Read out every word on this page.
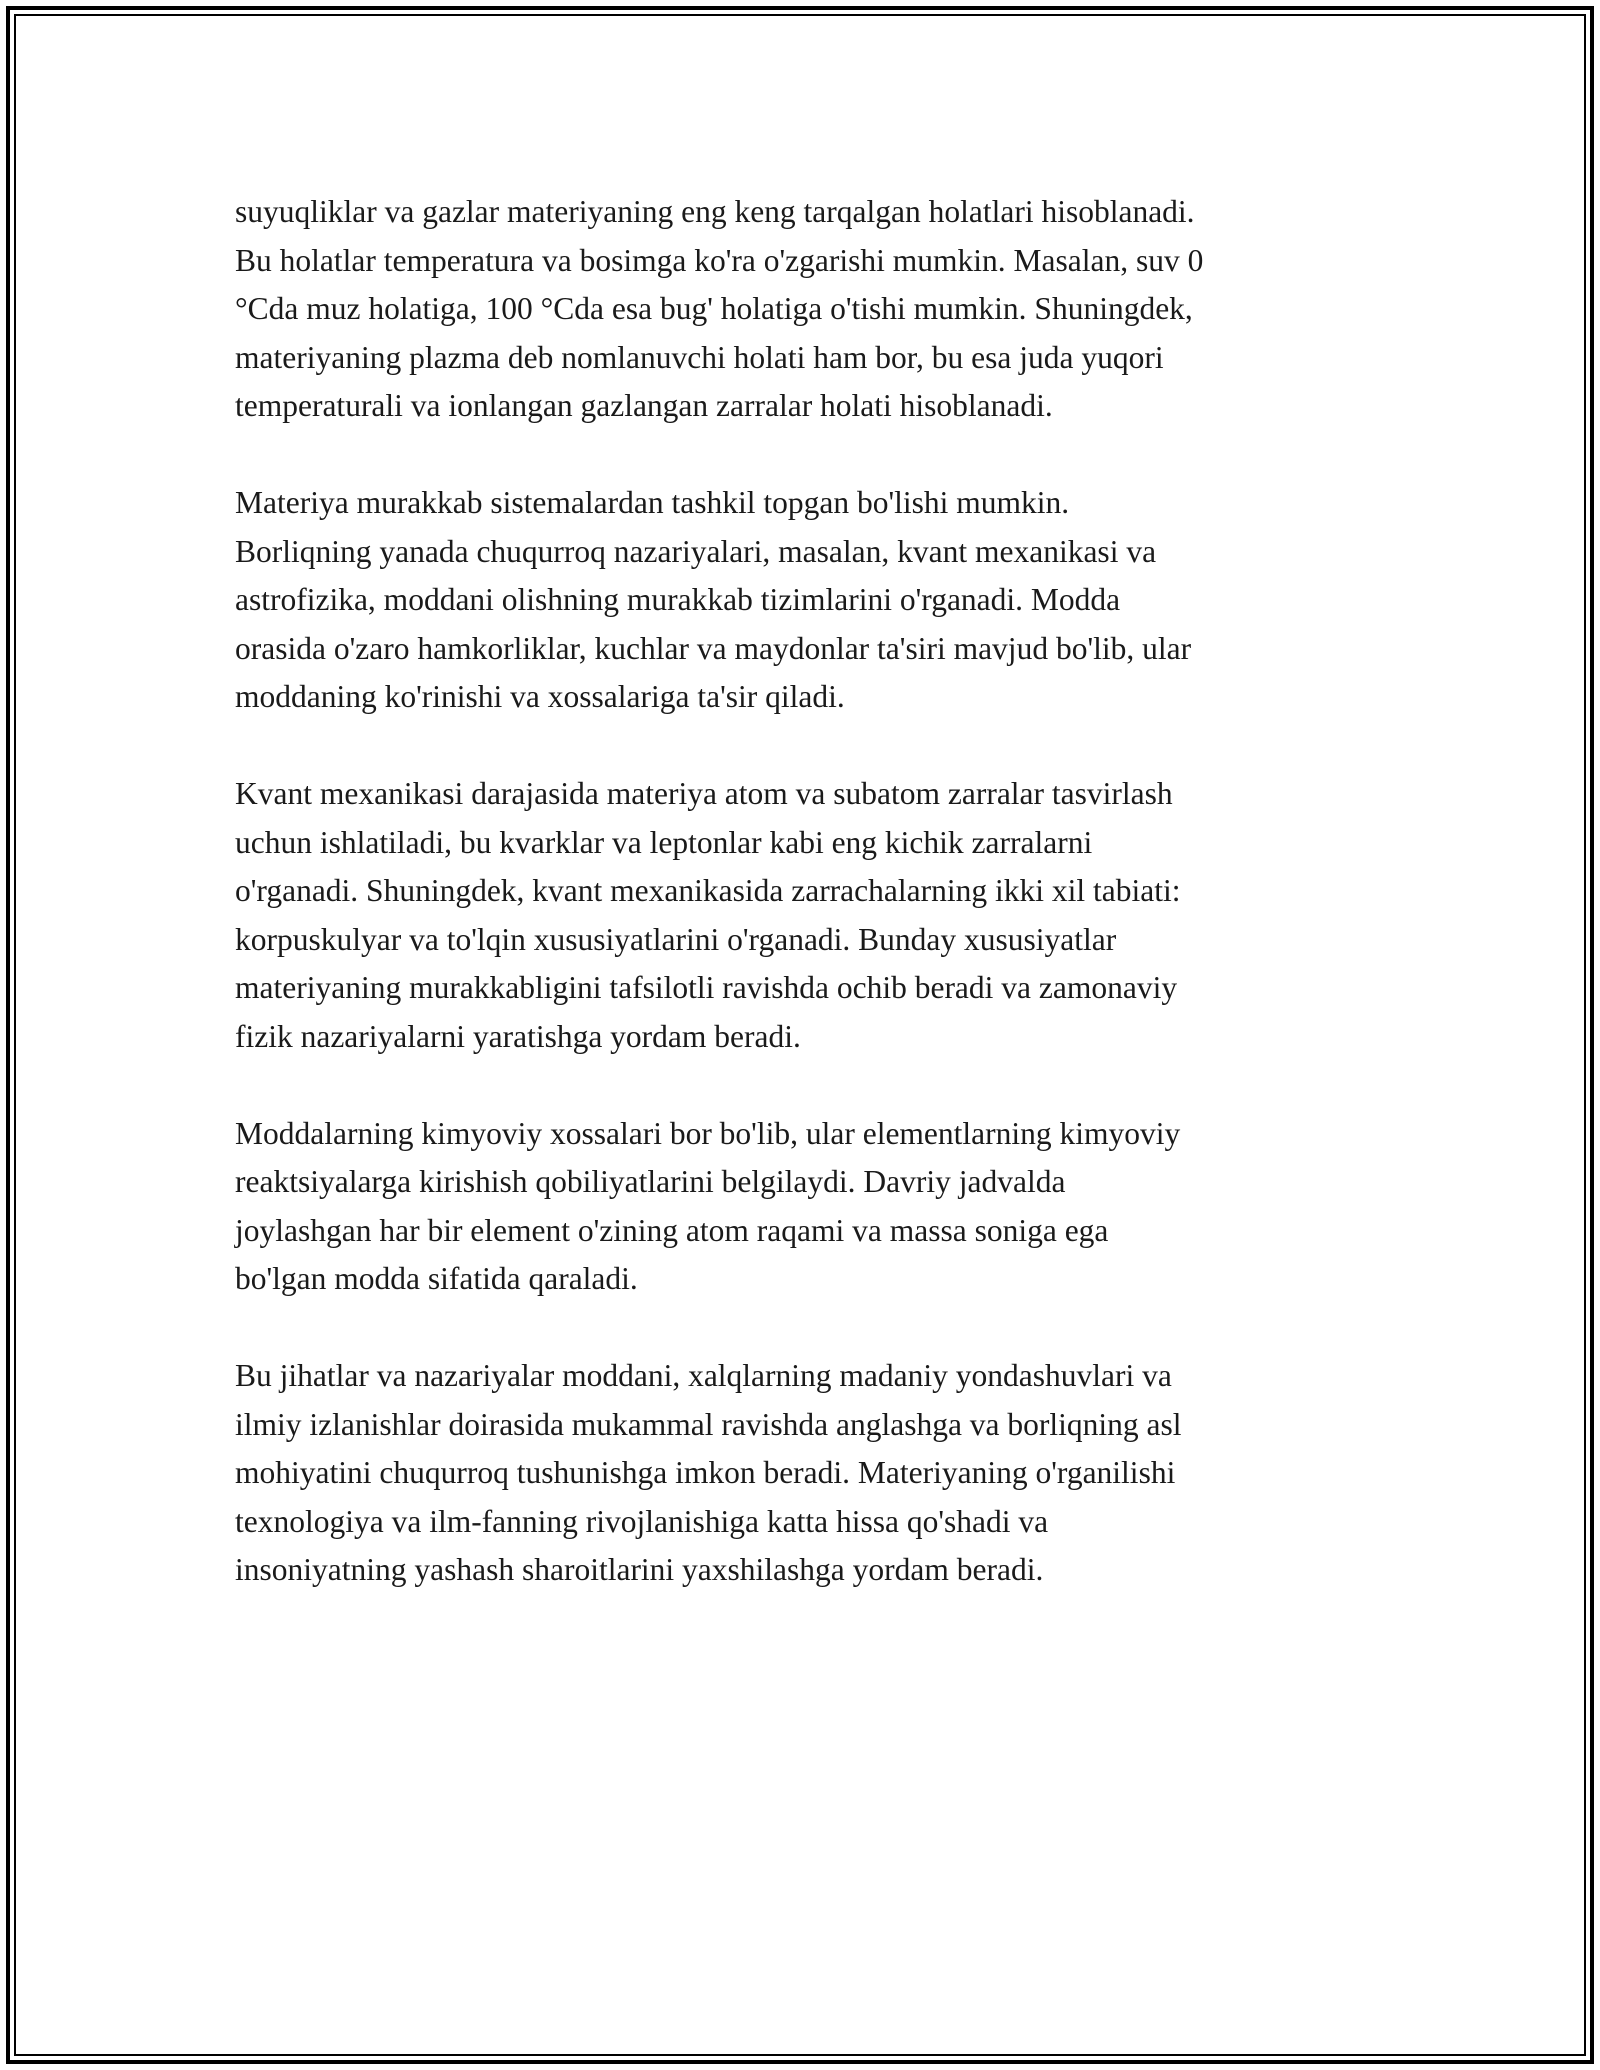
suyuqliklar va gazlar materiyaning eng keng tarqalgan holatlari hisoblanadi.
Bu holatlar temperatura va bosimga ko'ra o'zgarishi mumkin. Masalan, suv 0
°Cda muz holatiga, 100 °Cda esa bug' holatiga o'tishi mumkin. Shuningdek,
materiyaning plazma deb nomlanuvchi holati ham bor, bu esa juda yuqori
temperaturali va ionlangan gazlangan zarralar holati hisoblanadi.

Materiya murakkab sistemalardan tashkil topgan bo'lishi mumkin.
Borliqning yanada chuqurroq nazariyalari, masalan, kvant mexanikasi va
astrofizika, moddani olishning murakkab tizimlarini o'rganadi. Modda
orasida o'zaro hamkorliklar, kuchlar va maydonlar ta'siri mavjud bo'lib, ular
moddaning ko'rinishi va xossalariga ta'sir qiladi.

Kvant mexanikasi darajasida materiya atom va subatom zarralar tasvirlash
uchun ishlatiladi, bu kvarklar va leptonlar kabi eng kichik zarralarni
o'rganadi. Shuningdek, kvant mexanikasida zarrachalarning ikki xil tabiati:
korpuskulyar va to'lqin xususiyatlarini o'rganadi. Bunday xususiyatlar
materiyaning murakkabligini tafsilotli ravishda ochib beradi va zamonaviy
fizik nazariyalarni yaratishga yordam beradi.

Moddalarning kimyoviy xossalari bor bo'lib, ular elementlarning kimyoviy
reaktsiyalarga kirishish qobiliyatlarini belgilaydi. Davriy jadvalda
joylashgan har bir element o'zining atom raqami va massa soniga ega
bo'lgan modda sifatida qaraladi.

Bu jihatlar va nazariyalar moddani, xalqlarning madaniy yondashuvlari va
ilmiy izlanishlar doirasida mukammal ravishda anglashga va borliqning asl
mohiyatini chuqurroq tushunishga imkon beradi. Materiyaning o'rganilishi
texnologiya va ilm-fanning rivojlanishiga katta hissa qo'shadi va
insoniyatning yashash sharoitlarini yaxshilashga yordam beradi.
